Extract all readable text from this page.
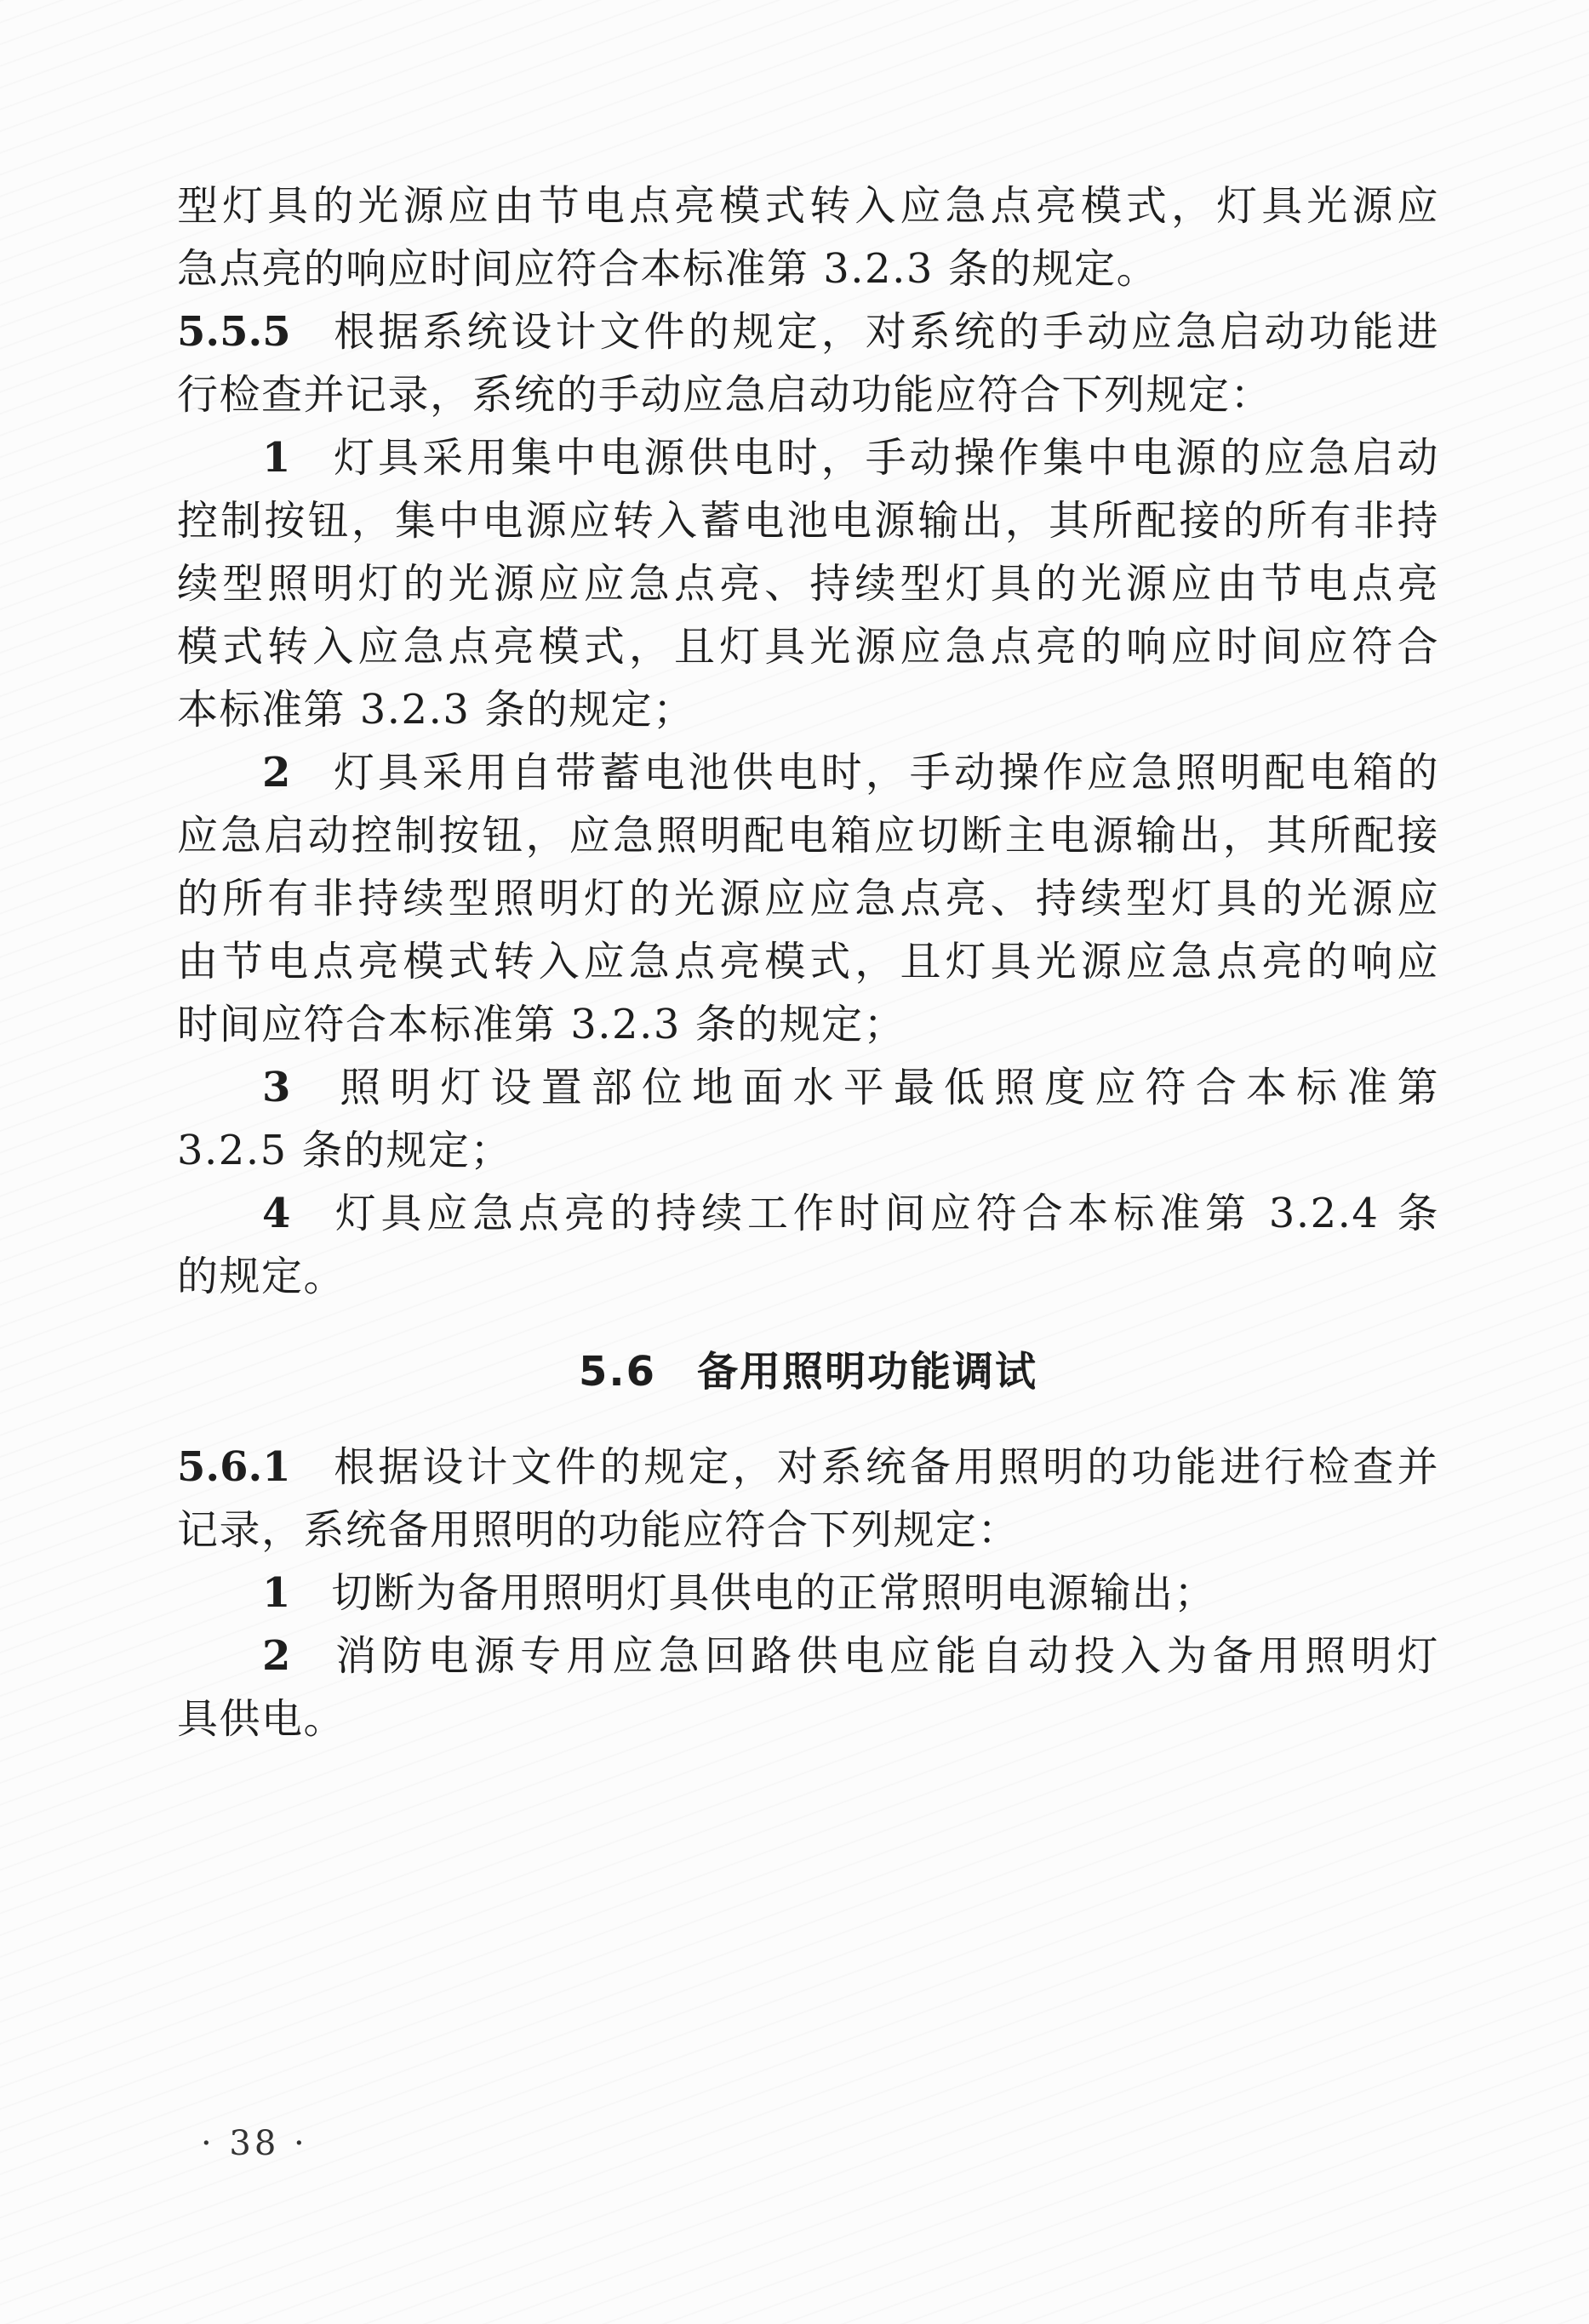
型灯具的光源应由节电点亮模式转入应急点亮模式，灯具光源应

急点亮的响应时间应符合本标准第 3.2.3 条的规定。

5.5.5 根据系统设计文件的规定，对系统的手动应急启动功能进

行检查并记录，系统的手动应急启动功能应符合下列规定：

1 灯具采用集中电源供电时，手动操作集中电源的应急启动

控制按钮，集中电源应转入蓄电池电源输出，其所配接的所有非持

续型照明灯的光源应应急点亮、持续型灯具的光源应由节电点亮

模式转入应急点亮模式，且灯具光源应急点亮的响应时间应符合

本标准第 3.2.3 条的规定；

2 灯具采用自带蓄电池供电时，手动操作应急照明配电箱的

应急启动控制按钮，应急照明配电箱应切断主电源输出，其所配接

的所有非持续型照明灯的光源应应急点亮、持续型灯具的光源应

由节电点亮模式转入应急点亮模式，且灯具光源应急点亮的响应

时间应符合本标准第 3.2.3 条的规定；

3 照明灯设置部位地面水平最低照度应符合本标准第

3.2.5 条的规定；

4 灯具应急点亮的持续工作时间应符合本标准第 3.2.4 条

的规定。

5.6 备用照明功能调试

5.6.1 根据设计文件的规定，对系统备用照明的功能进行检查并

记录，系统备用照明的功能应符合下列规定：

1 切断为备用照明灯具供电的正常照明电源输出；

2 消防电源专用应急回路供电应能自动投入为备用照明灯

具供电。

· 38 ·
